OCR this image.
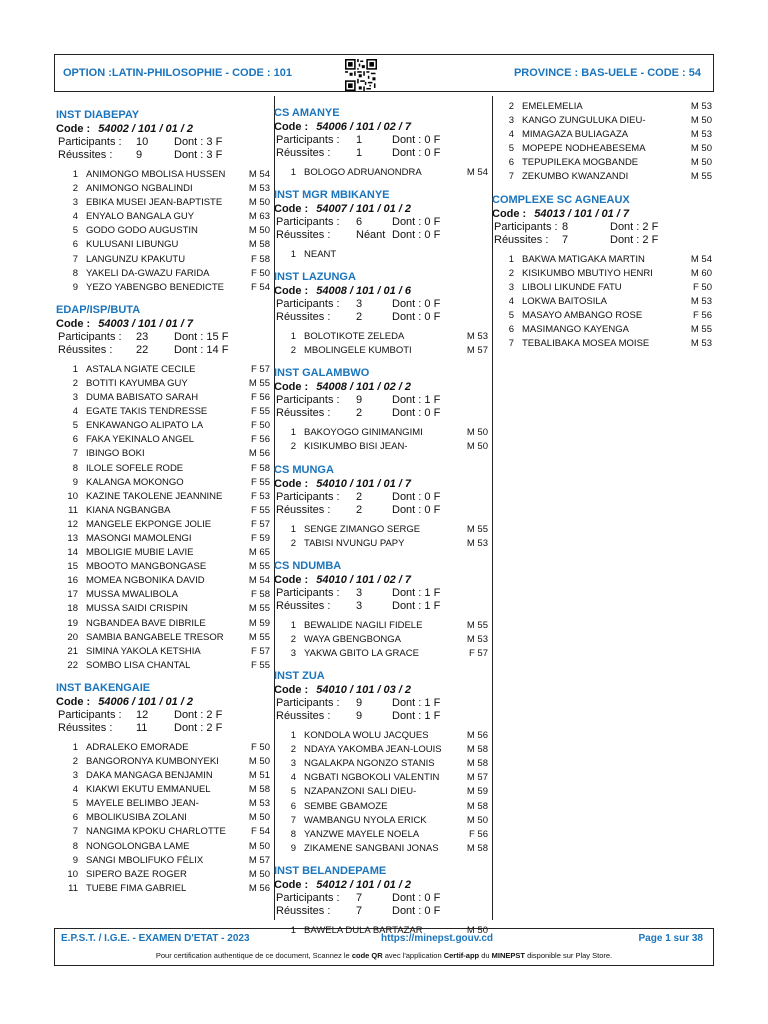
OPTION :LATIN-PHILOSOPHIE - CODE : 101	PROVINCE : BAS-UELE - CODE : 54
INST DIABEPAY
Code : 54002 / 101 / 01 / 2
Participants : 10 Dont : 3 F
Réussites : 9	Dont : 3 F
1 ANIMONGO MBOLISA HUSSEN M 54
2 ANIMONGO NGBALINDI	M 53
3 EBIKA MUSEI JEAN-BAPTISTE	M 50
4 ENYALO BANGALA GUY	M 63
5 GODO GODO AUGUSTIN	M 50
6 KULUSANI LIBUNGU	M 58
7 LANGUNZU KPAKUTU	F 58
8 YAKELI DA-GWAZU FARIDA	F 50
9 YEZO YABENGBO BENEDICTE	F 54
EDAP/ISP/BUTA
Code : 54003 / 101 / 01 / 7
Participants : 23 Dont : 15 F
Réussites : 22 Dont : 14 F
1 ASTALA NGIATE CECILE	F 57
2 BOTITI KAYUMBA GUY	M 55
3 DUMA BABISATO SARAH	F 56
4 EGATE TAKIS TENDRESSE	F 55
5 ENKAWANGO ALIPATO LA	F 50
6 FAKA YEKINALO ANGEL	F 56
7 IBINGO BOKI	M 56
8 ILOLE SOFELE RODE	F 58
9 KALANGA MOKONGO	F 55
10 KAZINE TAKOLENE JEANNINE	F 53
11 KIANA NGBANGBA	F 55
12 MANGELE EKPONGE JOLIE	F 57
13 MASONGI MAMOLENGI	F 59
14 MBOLIGIE MUBIE LAVIE	M 65
15 MBOOTO MANGBONGASE	M 55
16 MOMEA NGBONIKA DAVID	M 54
17 MUSSA MWALIBOLA	F 58
18 MUSSA SAIDI CRISPIN	M 55
19 NGBANDEA BAVE DIBRILE	M 59
20 SAMBIA BANGABELE TRESOR	M 55
21 SIMINA YAKOLA KETSHIA	F 57
22 SOMBO LISA CHANTAL	F 55
INST BAKENGAIE
Code : 54006 / 101 / 01 / 2
Participants : 12 Dont : 2 F
Réussites : 11 Dont : 2 F
1 ADRALEKO EMORADE	F 50
2 BANGORONYA KUMBONYEKI	M 50
3 DAKA MANGAGA BENJAMIN	M 51
4 KIAKWI EKUTU EMMANUEL	M 58
5 MAYELE BELIMBO JEAN-	M 53
6 MBOLIKUSIBA ZOLANI	M 50
7 NANGIMA KPOKU CHARLOTTE	F 54
8 NONGOLONGBA LAME	M 50
9 SANGI MBOLIFUKO FÉLIX	M 57
10 SIPERO BAZE ROGER	M 50
11 TUEBE FIMA GABRIEL	M 56
CS AMANYE
Code : 54006 / 101 / 02 / 7
Participants : 1	Dont : 0 F
Réussites : 1	Dont : 0 F
1 BOLOGO ADRUANONDRA	M 54
INST MGR MBIKANYE
Code : 54007 / 101 / 01 / 2
Participants : 6	Dont : 0 F
Réussites : Néant Dont : 0 F
1 NEANT
INST LAZUNGA
Code : 54008 / 101 / 01 / 6
Participants : 3	Dont : 0 F
Réussites : 2	Dont : 0 F
1 BOLOTIKOTE ZELEDA	M 53
2 MBOLINGELE KUMBOTI	M 57
INST GALAMBWO
Code : 54008 / 101 / 02 / 2
Participants : 9	Dont : 1 F
Réussites : 2	Dont : 0 F
1 BAKOYOGO GINIMANGIMI	M 50
2 KISIKUMBO BISI JEAN-	M 50
CS MUNGA
Code : 54010 / 101 / 01 / 7
Participants : 2	Dont : 0 F
Réussites : 2	Dont : 0 F
1 SENGE ZIMANGO SERGE	M 55
2 TABISI NVUNGU PAPY	M 53
CS NDUMBA
Code : 54010 / 101 / 02 / 7
Participants : 3	Dont : 1 F
Réussites : 3	Dont : 1 F
1 BEWALIDE NAGILI FIDELE	M 55
2 WAYA GBENGBONGA	M 53
3 YAKWA GBITO LA GRACE	F 57
INST ZUA
Code : 54010 / 101 / 03 / 2
Participants : 9	Dont : 1 F
Réussites : 9	Dont : 1 F
1 KONDOLA WOLU JACQUES	M 56
2 NDAYA YAKOMBA JEAN-LOUIS	M 58
3 NGALAKPA NGONZO STANIS	M 58
4 NGBATI NGBOKOLI VALENTIN	M 57
5 NZAPANZONI SALI DIEU-	M 59
6 SEMBE GBAMOZE	M 58
7 WAMBANGU NYOLA ERICK	M 50
8 YANZWE MAYELE NOELA	F 56
9 ZIKAMENE SANGBANI JONAS	M 58
INST BELANDEPAME
Code : 54012 / 101 / 01 / 2
Participants : 7	Dont : 0 F
Réussites : 7	Dont : 0 F
1 BAWELA DULA BARTAZAR	M 50
2 EMELEMELIA	M 53
3 KANGO ZUNGULUKA DIEU-	M 50
4 MIMAGAZA BULIAGAZA	M 53
5 MOPEPE NODHEABESEMA	M 50
6 TEPUPILEKA MOGBANDE	M 50
7 ZEKUMBO KWANZANDI	M 55
COMPLEXE SC AGNEAUX
Code : 54013 / 101 / 01 / 7
Participants : 8	Dont : 2 F
Réussites : 7	Dont : 2 F
1 BAKWA MATIGAKA MARTIN	M 54
2 KISIKUMBO MBUTIYO HENRI	M 60
3 LIBOLI LIKUNDE FATU	F 50
4 LOKWA BAITOSILA	M 53
5 MASAYO AMBANGO ROSE	F 56
6 MASIMANGO KAYENGA	M 55
7 TEBALIBAKA MOSEA MOISE	M 53
E.P.S.T. / I.G.E. - EXAMEN D'ETAT - 2023	https://minepst.gouv.cd	Page 1 sur 38
Pour certification authentique de ce document, Scannez le code QR avec l'application Certif-app du MINEPST disponible sur Play Store.
